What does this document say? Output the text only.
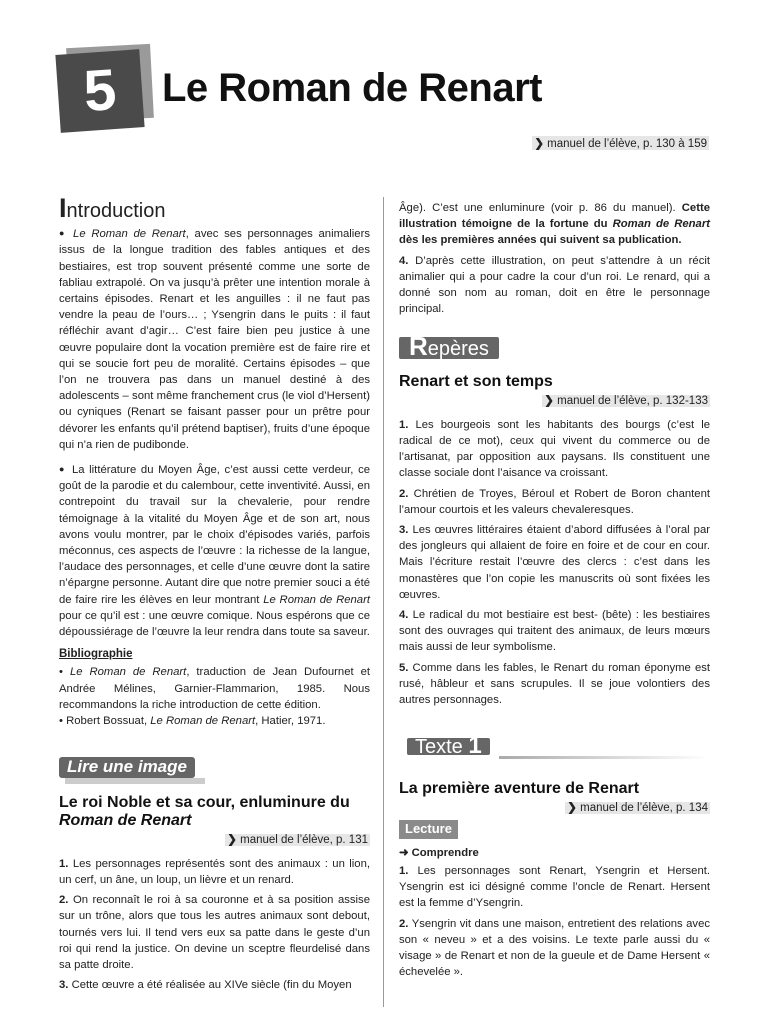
5	Le Roman de Renart
❯ manuel de l’élève, p. 130 à 159
Introduction

● Le Roman de Renart, avec ses personnages animaliers issus de la longue tradition des fables antiques et des bestiaires, est trop souvent présenté comme une sorte de fabliau extrapolé. On va jusqu’à prêter une intention morale à certains épisodes. Renart et les anguilles : il ne faut pas vendre la peau de l’ours… ; Ysengrin dans le puits : il faut réfléchir avant d’agir… C’est faire bien peu justice à une œuvre populaire dont la vocation première est de faire rire et qui se soucie fort peu de moralité. Certains épisodes – que l’on ne trouvera pas dans un manuel destiné à des adolescents – sont même franchement crus (le viol d’Hersent) ou cyniques (Renart se faisant passer pour un prêtre pour dévorer les enfants qu’il prétend baptiser), fruits d’une époque qui n’a rien de pudibonde.

● La littérature du Moyen Âge, c’est aussi cette verdeur, ce goût de la parodie et du calembour, cette inventivité. Aussi, en contrepoint du travail sur la chevalerie, pour rendre témoignage à la vitalité du Moyen Âge et de son art, nous avons voulu montrer, par le choix d’épisodes variés, parfois méconnus, ces aspects de l’œuvre : la richesse de la langue, l’audace des personnages, et celle d’une œuvre dont la satire n’épargne personne. Autant dire que notre premier souci a été de faire rire les élèves en leur montrant Le Roman de Renart pour ce qu’il est : une œuvre comique. Nous espérons que ce dépoussiérage de l’œuvre la leur rendra dans toute sa saveur.

Bibliographie

• Le Roman de Renart, traduction de Jean Dufournet et Andrée Mélines, Garnier-Flammarion, 1985. Nous recommandons la riche introduction de cette édition.

• Robert Bossuat, Le Roman de Renart, Hatier, 1971.

Lire une image
Le roi Noble et sa cour, enluminure du Roman de Renart
❯ manuel de l’élève, p. 131

1. Les personnages représentés sont des animaux : un lion, un cerf, un âne, un loup, un lièvre et un renard.

2. On reconnaît le roi à sa couronne et à sa position assise sur un trône, alors que tous les autres animaux sont debout, tournés vers lui. Il tend vers eux sa patte dans le geste d’un roi qui rend la justice. On devine un sceptre fleurdelisé dans sa patte droite.

3. Cette œuvre a été réalisée au XIVe siècle (fin du Moyen

Âge). C’est une enluminure (voir p. 86 du manuel). Cette illustration témoigne de la fortune du Roman de Renart dès les premières années qui suivent sa publication.

4. D’après cette illustration, on peut s’attendre à un récit animalier qui a pour cadre la cour d’un roi. Le renard, qui a donné son nom au roman, doit en être le personnage principal.

Repères
Renart et son temps
❯ manuel de l’élève, p. 132-133

1. Les bourgeois sont les habitants des bourgs (c’est le radical de ce mot), ceux qui vivent du commerce ou de l’artisanat, par opposition aux paysans. Ils constituent une classe sociale dont l’aisance va croissant.

2. Chrétien de Troyes, Béroul et Robert de Boron chantent l’amour courtois et les valeurs chevaleresques.

3. Les œuvres littéraires étaient d’abord diffusées à l’oral par des jongleurs qui allaient de foire en foire et de cour en cour. Mais l’écriture restait l’œuvre des clercs : c’est dans les monastères que l’on copie les manuscrits où sont fixées les œuvres.

4. Le radical du mot bestiaire est best- (bête) : les bestiaires sont des ouvrages qui traitent des animaux, de leurs mœurs mais aussi de leur symbolisme.

5. Comme dans les fables, le Renart du roman éponyme est rusé, hâbleur et sans scrupules. Il se joue volontiers des autres personnages.

Texte 1
La première aventure de Renart
❯ manuel de l’élève, p. 134
Lecture
➜ Comprendre

1. Les personnages sont Renart, Ysengrin et Hersent. Ysengrin est ici désigné comme l’oncle de Renart. Hersent est la femme d’Ysengrin.

2. Ysengrin vit dans une maison, entretient des relations avec son « neveu » et a des voisins. Le texte parle aussi du « visage » de Renart et non de la gueule et de Dame Hersent « échevelée ».
